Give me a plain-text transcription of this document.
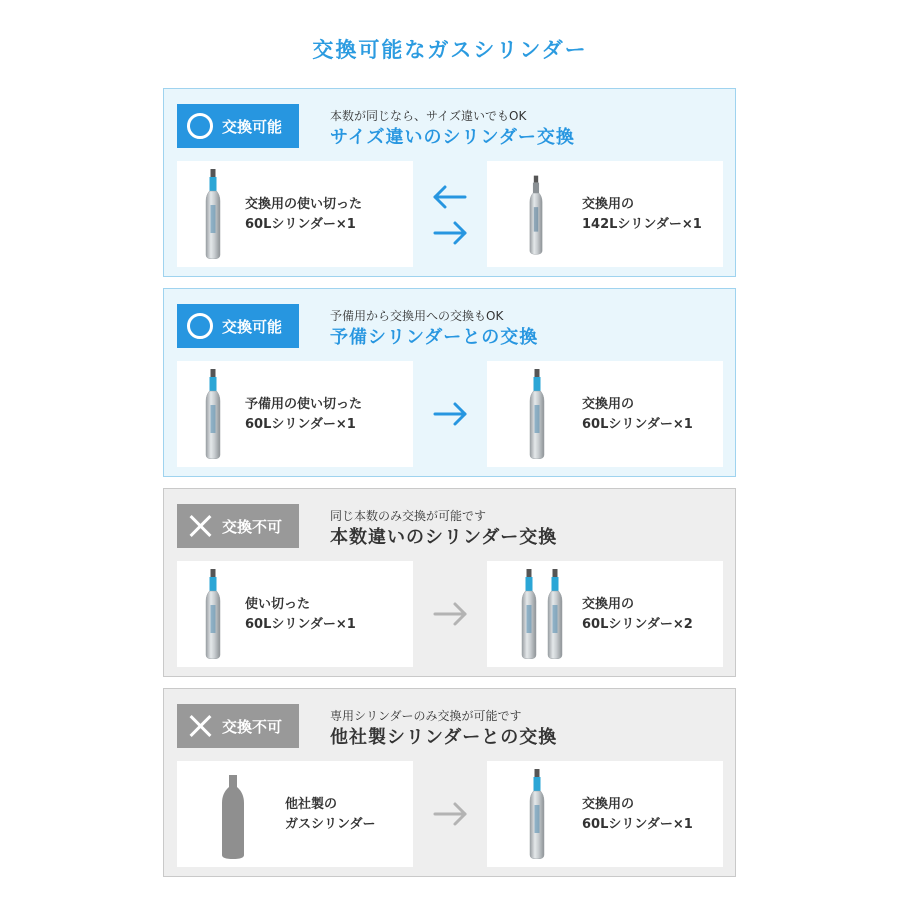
交換可能なガスシリンダー
交換可能
本数が同じなら、サイズ違いでもOK
サイズ違いのシリンダー交換
交換用の使い切った
60Lシリンダー×1
交換用の
142Lシリンダー×1
交換可能
予備用から交換用への交換もOK
予備シリンダーとの交換
予備用の使い切った
60Lシリンダー×1
交換用の
60Lシリンダー×1
交換不可
同じ本数のみ交換が可能です
本数違いのシリンダー交換
使い切った
60Lシリンダー×1
交換用の
60Lシリンダー×2
交換不可
専用シリンダーのみ交換が可能です
他社製シリンダーとの交換
他社製の
ガスシリンダー
交換用の
60Lシリンダー×1
